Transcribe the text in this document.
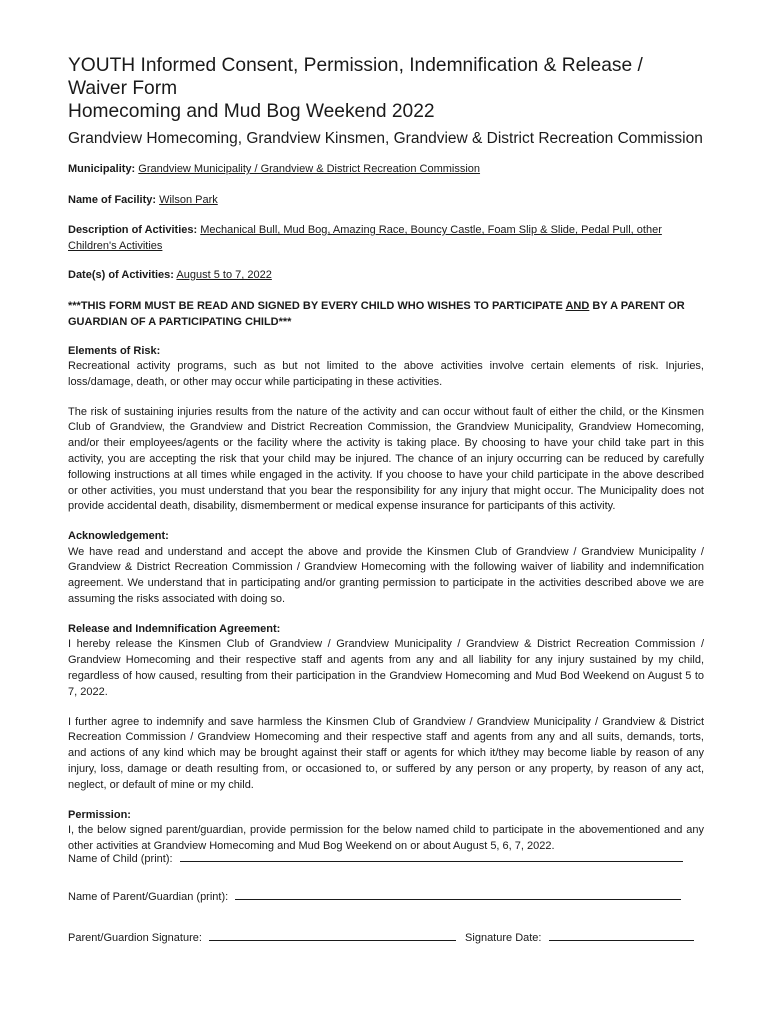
YOUTH Informed Consent, Permission, Indemnification & Release / Waiver Form
Homecoming and Mud Bog Weekend 2022
Grandview Homecoming, Grandview Kinsmen, Grandview & District Recreation Commission

Municipality: Grandview Municipality / Grandview & District Recreation Commission

Name of Facility: Wilson Park

Description of Activities: Mechanical Bull, Mud Bog, Amazing Race, Bouncy Castle, Foam Slip & Slide, Pedal Pull, other Children's Activities

Date(s) of Activities: August 5 to 7, 2022

***THIS FORM MUST BE READ AND SIGNED BY EVERY CHILD WHO WISHES TO PARTICIPATE AND BY A PARENT OR GUARDIAN OF A PARTICIPATING CHILD***

Elements of Risk:

Recreational activity programs, such as but not limited to the above activities involve certain elements of risk. Injuries, loss/damage, death, or other may occur while participating in these activities.

The risk of sustaining injuries results from the nature of the activity and can occur without fault of either the child, or the Kinsmen Club of Grandview, the Grandview and District Recreation Commission, the Grandview Municipality, Grandview Homecoming, and/or their employees/agents or the facility where the activity is taking place. By choosing to have your child take part in this activity, you are accepting the risk that your child may be injured. The chance of an injury occurring can be reduced by carefully following instructions at all times while engaged in the activity. If you choose to have your child participate in the above described or other activities, you must understand that you bear the responsibility for any injury that might occur. The Municipality does not provide accidental death, disability, dismemberment or medical expense insurance for participants of this activity.

Acknowledgement:

We have read and understand and accept the above and provide the Kinsmen Club of Grandview / Grandview Municipality / Grandview & District Recreation Commission / Grandview Homecoming with the following waiver of liability and indemnification agreement. We understand that in participating and/or granting permission to participate in the activities described above we are assuming the risks associated with doing so.

Release and Indemnification Agreement:

I hereby release the Kinsmen Club of Grandview / Grandview Municipality / Grandview & District Recreation Commission / Grandview Homecoming and their respective staff and agents from any and all liability for any injury sustained by my child, regardless of how caused, resulting from their participation in the Grandview Homecoming and Mud Bod Weekend on August 5 to 7, 2022.

I further agree to indemnify and save harmless the Kinsmen Club of Grandview / Grandview Municipality / Grandview & District Recreation Commission / Grandview Homecoming and their respective staff and agents from any and all suits, demands, torts, and actions of any kind which may be brought against their staff or agents for which it/they may become liable by reason of any injury, loss, damage or death resulting from, or occasioned to, or suffered by any person or any property, by reason of any act, neglect, or default of mine or my child.

Permission:

I, the below signed parent/guardian, provide permission for the below named child to participate in the abovementioned and any other activities at Grandview Homecoming and Mud Bog Weekend on or about August 5, 6, 7, 2022.

Name of Child (print):

Name of Parent/Guardian (print):

Parent/Guardion Signature:	Signature Date:
